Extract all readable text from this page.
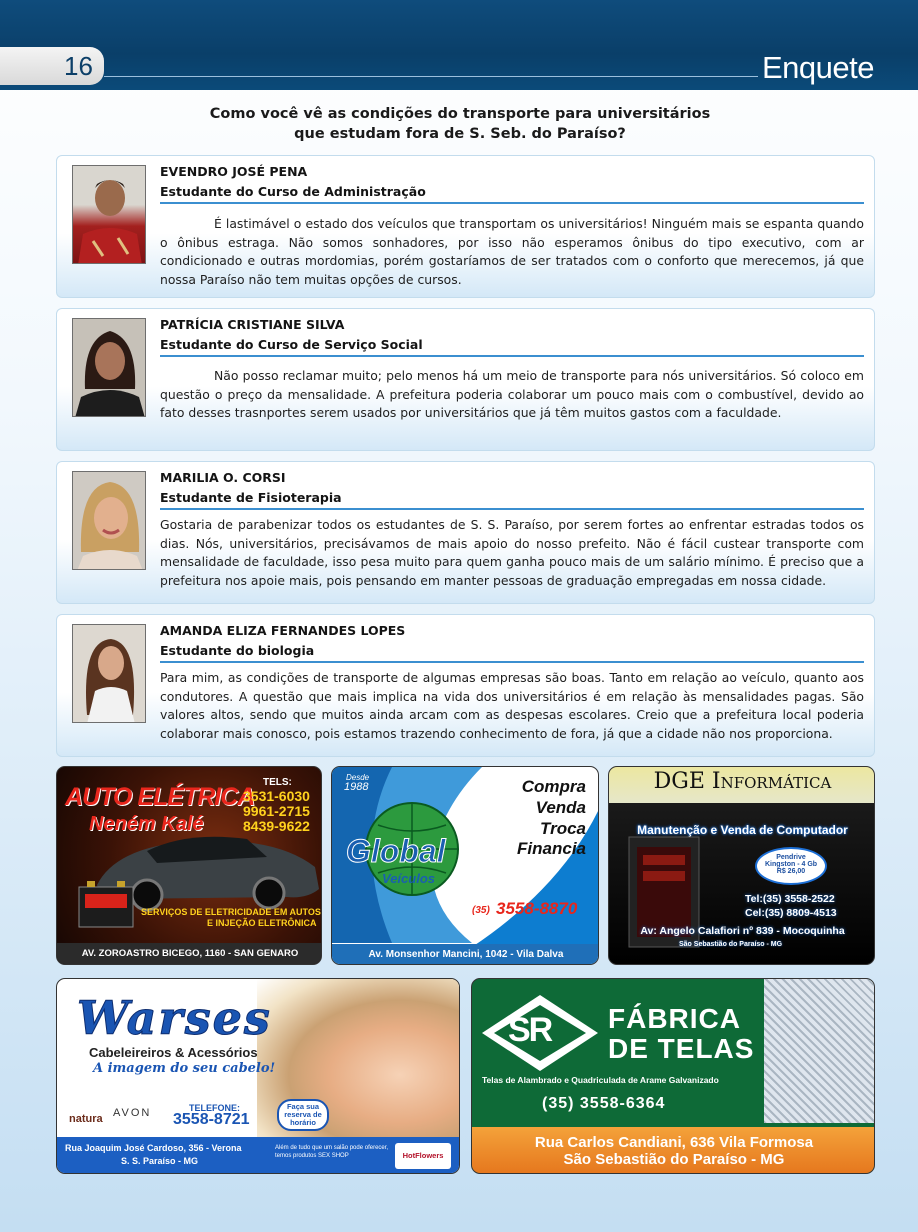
16	Enquete
Como você vê as condições do transporte para universitários
que estudam fora de S. Seb. do Paraíso?
EVENDRO JOSÉ PENA
Estudante do Curso de Administração
É lastimável o estado dos veículos que transportam os universitários! Ninguém mais se espanta quando o ônibus estraga. Não somos sonhadores, por isso não esperamos ônibus do tipo executivo, com ar condicionado e outras mordomias, porém gostaríamos de ser tratados com o conforto que merecemos, já que nossa Paraíso não tem muitas opções de cursos.
PATRÍCIA CRISTIANE SILVA
Estudante do Curso de Serviço Social
Não posso reclamar muito; pelo menos há um meio de transporte para nós universitários. Só coloco em questão o preço da mensalidade. A prefeitura poderia colaborar um pouco mais com o combustível, devido ao fato desses trasnportes serem usados por universitários que já têm muitos gastos com a faculdade.
MARILIA O. CORSI
Estudante de Fisioterapia
Gostaria de parabenizar todos os estudantes de S. S. Paraíso, por serem fortes ao enfrentar estradas todos os dias. Nós, universitários, precisávamos de mais apoio do nosso prefeito. Não é fácil custear transporte com mensalidade de faculdade, isso pesa muito para quem ganha pouco mais de um salário mínimo. É preciso que a prefeitura nos apoie mais, pois pensando em manter pessoas de graduação empregadas em nossa cidade.
AMANDA ELIZA FERNANDES LOPES
Estudante do biologia
Para mim, as condições de transporte de algumas empresas são boas. Tanto em relação ao veículo, quanto aos condutores. A questão que mais implica na vida dos universitários é em relação às mensalidades pagas. São valores altos, sendo que muitos ainda arcam com as despesas escolares. Creio que a prefeitura local poderia colaborar mais conosco, pois estamos trazendo conhecimento de fora, já que a cidade não nos proporciona.
AUTO ELÉTRICA
Neném Kalé
TELS:
3531-6030
9961-2715
8439-9622
SERVIÇOS DE ELETRICIDADE EM AUTOS
E INJEÇÃO ELETRÔNICA
AV. ZOROASTRO BICEGO, 1160 - SAN GENARO
Desde
1988	Compra
Venda
Troca
Financia
Global
Veículos
(35) 3558-8870
Av. Monsenhor Mancini, 1042 - Vila Dalva
DGE Informática
Manutenção e Venda de Computador
Pendrive
Kingston - 4 Gb
R$ 26,00
Tel:(35) 3558-2522
Cel:(35) 8809-4513
Av: Angelo Calafiori nº 839 - Mocoquinha
São Sebastião do Paraíso - MG
Warses
Cabeleireiros & Acessórios
A imagem do seu cabelo!
natura AVON	TELEFONE:
3558-8721
Faça sua reserva de horário
Rua Joaquim José Cardoso, 356 - Verona
S. S. Paraíso - MG
Além de tudo que um salão pode oferecer, temos produtos SEX SHOP	HotFlowers
SR FÁBRICA
DE TELAS
Telas de Alambrado e Quadriculada de Arame Galvanizado
(35) 3558-6364
Rua Carlos Candiani, 636 Vila Formosa
São Sebastião do Paraíso - MG
